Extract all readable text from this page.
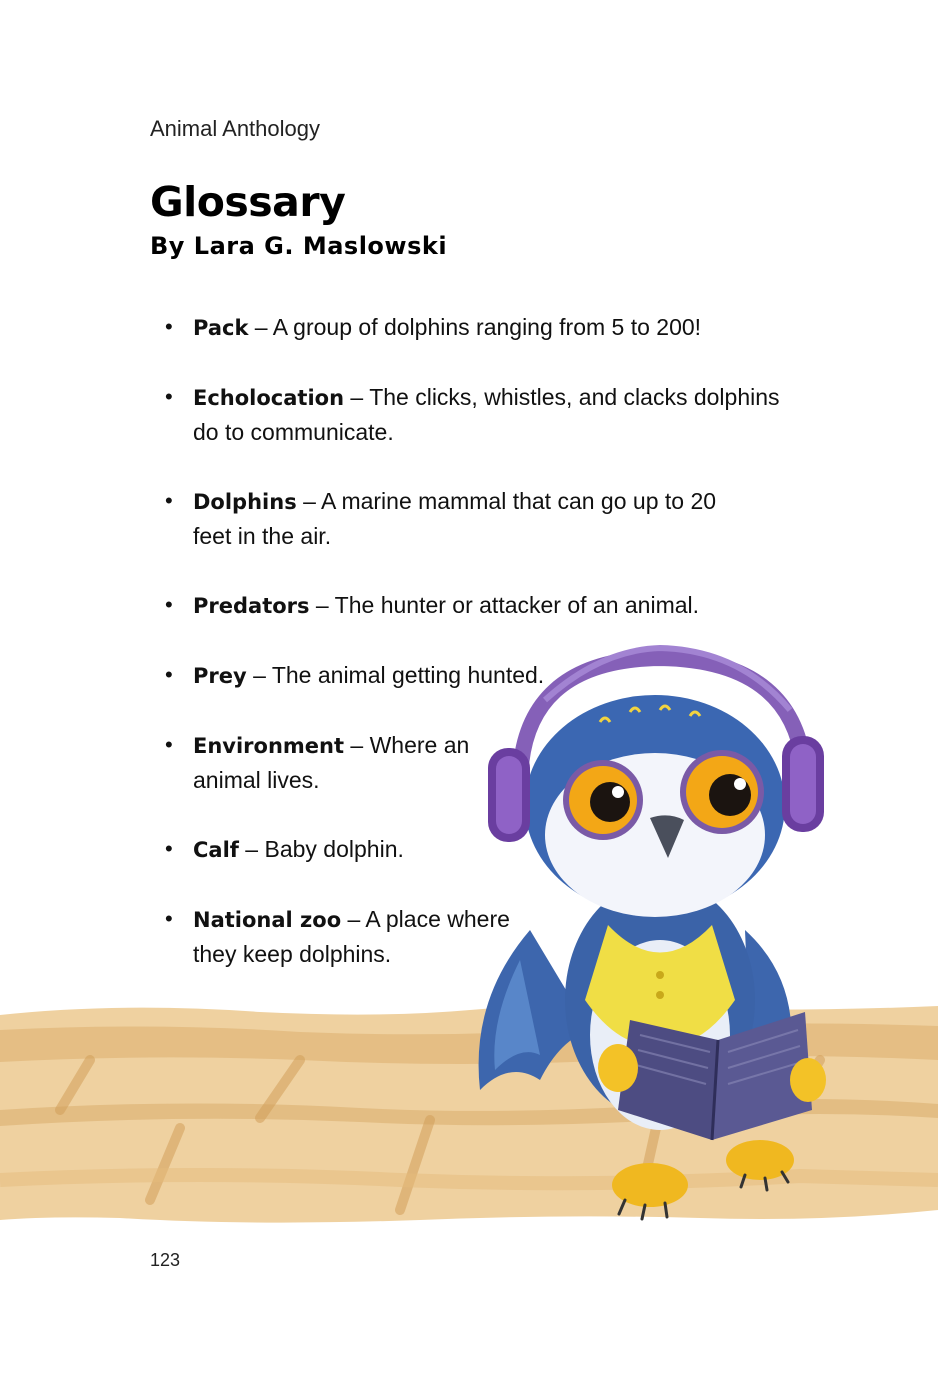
Animal Anthology
Glossary
By Lara G. Maslowski
• Pack – A group of dolphins ranging from 5 to 200!
• Echolocation – The clicks, whistles, and clacks dolphins do to communicate.
• Dolphins – A marine mammal that can go up to 20 feet in the air.
• Predators – The hunter or attacker of an animal.
• Prey – The animal getting hunted.
• Environment – Where an animal lives.
• Calf – Baby dolphin.
• National zoo – A place where they keep dolphins.
123
